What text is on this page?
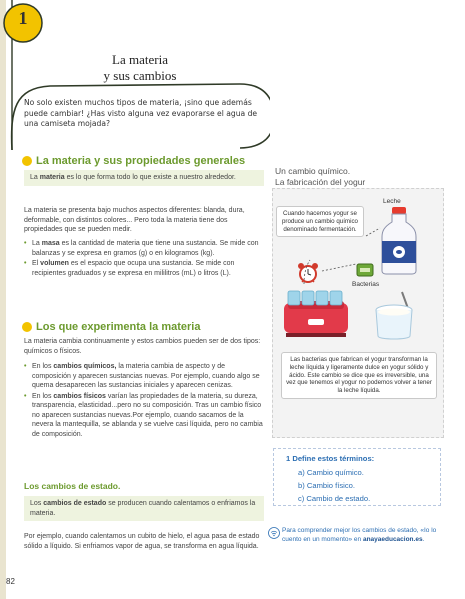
1
La materia
y sus cambios
No solo existen muchos tipos de materia, ¡sino que además puede cambiar! ¿Has visto alguna vez evaporarse el agua de una camiseta mojada?
La materia y sus propiedades generales
La materia es lo que forma todo lo que existe a nuestro alrededor.
La materia se presenta bajo muchos aspectos diferentes: blanda, dura, deformable, con distintos colores... Pero toda la materia tiene dos propiedades que se pueden medir.
• La masa es la cantidad de materia que tiene una sustancia. Se mide con balanzas y se expresa en gramos (g) o en kilogramos (kg).
• El volumen es el espacio que ocupa una sustancia. Se mide con recipientes graduados y se expresa en mililitros (mL) o litros (L).
Los que experimenta la materia
La materia cambia continuamente y estos cambios pueden ser de dos tipos: químicos o físicos.
• En los cambios químicos, la materia cambia de aspecto y de composición y aparecen sustancias nuevas. Por ejemplo, cuando algo se quema desaparecen las sustancias iniciales y aparecen cenizas.
• En los cambios físicos varían las propiedades de la materia, su dureza, transparencia, elasticidad...pero no su composición. Tras un cambio físico no aparecen sustancias nuevas.Por ejemplo, cuando sacamos de la nevera la mantequilla, se ablanda y se vuelve casi líquida, pero no cambia de composición.
Los cambios de estado.
Los cambios de estado se producen cuando calentamos o enfriamos la materia.
Por ejemplo, cuando calentamos un cubito de hielo, el agua pasa de estado sólido a líquido. Si enfriamos vapor de agua, se transforma en agua líquida.
Un cambio químico.
La fabricación del yogur
Cuando hacemos yogur se produce un cambio químico denominado fermentación.
Leche
Bacterias
Las bacterias que fabrican el yogur transforman la leche líquida y ligeramente dulce en yogur sólido y ácido. Este cambio se dice que es irreversible, una vez que tenemos el yogur no podemos volver a tener la leche líquida.
1 Define estos términos:
a) Cambio químico.
b) Cambio físico.
c) Cambio de estado.
Para comprender mejor los cambios de estado, «Io lo cuento en un momento» en anayaeducacion.es.
82
